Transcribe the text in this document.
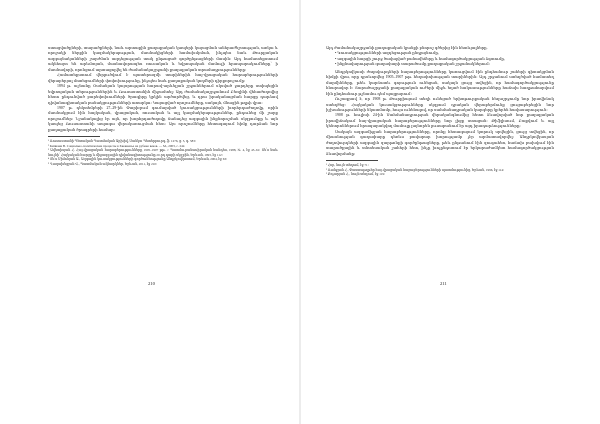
ստացվածքների, տարածքների, նաև արտաքին քաղաքական կապերի կայացման անհրաժեշտության, առկա և որոշակի ներքին կազմակերպության, մասնակիցների համախմբման, ինչպես նաև Թուրքական ազգայնականների շարժման ազդեցության տակ ընթացած գործընթացների մասին։ Այդ համատեքստում ակնհայտ են արևմտյան, մասնավորապես ռուսական և եվրոպական մամուլի հրապարակումները՝ ի մասնավորի, որոնցում արտացոլվել են ժամանակաշրջանի քաղաքական տրամադրությունները։

Համատեքստում վերլուծվում է պատերազմի տարիներին հայ-վրացական հարաբերությունների վերաբերյալ մոտեցումների փոփոխությունը, ինչպես նաև քաղաքական կողմերի դիրքորոշումը։

1894 թ. աշնանը Օսմանյան կայսրության հարավ-արևելյան շրջաններում սկսված ջարդերը ստիպեցին եվրոպական տերություններին և Ռուսաստանին միջամտել։ Այդ ժամանակաշրջանում Բեռլինի վեհաժողովից հետո ընդունված բարեփոխումների ծրագիրը կրկին արծարծվեց, և դրա իրականացման հարցը դարձավ դիվանագիտական բանակցությունների առարկա։ Կայացված որոշումները, սակայն, մնացին թղթի վրա։

1907 թ. դեկտեմբերի 27–29-ին Փարիզում գումարված կուսակցությունների խորհրդաժողովը, որին մասնակցում էին հայկական, վրացական, ռուսական և այլ կազմակերպություններ, ընդունեց մի շարք որոշումներ։ Նշանակալից էր այն, որ խորհրդաժողովը ճանաչեց ազգային ինքնորոշման սկզբունքը և այն կապեց Ռուսաստանի ապագա վերակառուցման հետ։ Այս որոշումները հետագայում հիմք դարձան նոր քաղաքական ծրագրերի համար։

¹ Ռուսաստանի Պետական Պատմական Արխիվ, Սանկտ Պետերբուրգ, ֆ. 1276, ց. 5, գ. 583։

² Кипиани В. Социально-политические процессы в Закавказье на рубеже веков. — М., 2003, с. 242.

³ Ավետիսյան Հ. Հայ-վրացական հարաբերությունները 1905–1907 թթ. // Պատմա-բանասիրական հանդես, 1988, № 4, էջ 45–61։ Տե՛ս նաև նույնի՝ Հայկական հարցը և միջազգային դիվանագիտությունը 20-րդ դարի սկզբին, Երևան, 1993, էջ 112։

⁴ Տե՛ս Սիմոնյան Ա., Ազգային կուսակցությունների գործունեությունը Անդրկովկասում, Երևան, 2004, էջ 63։

⁵ Ղազախեցյան Վ., Պատմական ակնարկներ, Երևան, 2011, էջ 210։

210

Այդ ժամանակաշրջանի քաղաքական կյանքի բնորոշ գծերից էին հետևյալները.

• Կուսակցությունների ազդեցության ընդլայնումը,
• ազգային հարցի շուրջ ծավալված բանավեճերը և համագործակցության ձգտումը,
• ինքնավարության գաղափարի տարածումը քաղաքական շրջանակներում։

Անդրկովկասի ժողովուրդների հարաբերությունները կառուցվում էին ընդհանուր շահերի գիտակցման հիմքի վրա, որը դրսևորվեց 1905–1907 թթ. հեղափոխության տարիներին։ Այդ շրջանում ստեղծված համատեղ մարմինները, թեև կարճատև գոյություն ունեցան, սակայն ցույց տվեցին, որ համագործակցությունը հնարավոր է։ Տարածաշրջանի քաղաքական ուժերի միջև եղած հակասությունները հաճախ հաղթահարվում էին ընդհանուր թշնամու դեմ պայքարում։

Ուշագրավ է, որ 1908 թ. Թուրքիայում տեղի ունեցած երիտթուրքական հեղաշրջումը նոր իրավիճակ ստեղծեց։ Հայկական կուսակցությունները սկզբում դրական վերաբերմունք ցուցաբերեցին նոր իշխանությունների նկատմամբ, հույս ունենալով, որ սահմանադրական կարգերը կբերեն հավասարություն։

1908 թ. հուլիսի 24-ին Սահմանադրության վերականգնումից հետո ձևավորված նոր քաղաքական իրավիճակում հայ-վրացական հարաբերությունները նոր լիցք ստացան։ Թիֆլիսում, Բաքվում և այլ կենտրոններում հրապարակվող մամուլը լայնորեն լուսաբանում էր այդ իրադարձությունները։

Սակայն ազգամիջյան հարաբերությունները, որոնք հետագայում կտրուկ սրվեցին, ցույց տվեցին, որ միասնության գաղափարը դեռևս բավարար խորությամբ չէր արմատավորվել։ Անդրկովկասյան ժողովուրդների ազգային զարթոնքի գործընթացները, թեև ընթանում էին զուգահեռ, հաճախ բախվում էին տարածքային և տնտեսական շահերի հետ, ինչը խոչընդոտում էր երկարաժամկետ համագործակցության ձևավորմանը։

¹ Հոր, նույն տեղում, էջ 71։

² Ռանջյան Հ., Փաստաթղթեր հայ-վրացական հարաբերությունների պատմությունից, Երևան, 1996, էջ 114։

³ Քոչարյան Հ., նույն տեղում, էջ 119։

211
